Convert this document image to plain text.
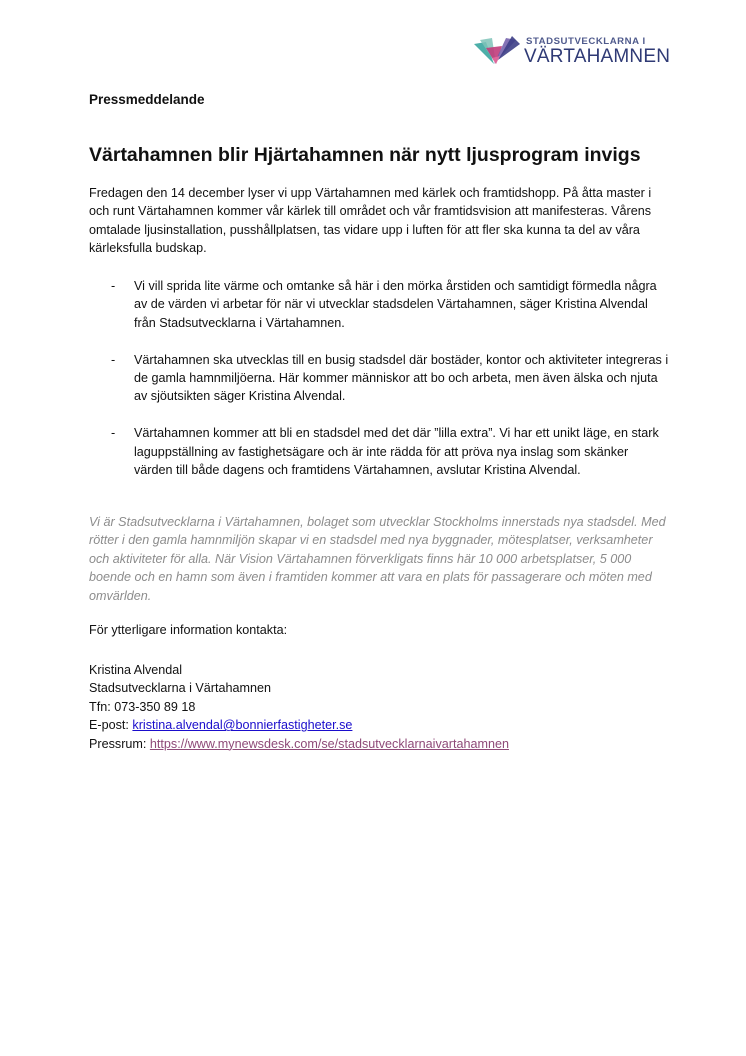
STADSUTVECKLARNA I
VÄRTAHAMNEN

Pressmeddelande

Värtahamnen blir Hjärtahamnen när nytt ljusprogram invigs

Fredagen den 14 december lyser vi upp Värtahamnen med kärlek och framtidshopp. På åtta master i och runt Värtahamnen kommer vår kärlek till området och vår framtidsvision att manifesteras. Vårens omtalade ljusinstallation, pusshållplatsen, tas vidare upp i luften för att fler ska kunna ta del av våra kärleksfulla budskap.

- Vi vill sprida lite värme och omtanke så här i den mörka årstiden och samtidigt förmedla några av de värden vi arbetar för när vi utvecklar stadsdelen Värtahamnen, säger Kristina Alvendal från Stadsutvecklarna i Värtahamnen.
- Värtahamnen ska utvecklas till en busig stadsdel där bostäder, kontor och aktiviteter integreras i de gamla hamnmiljöerna. Här kommer människor att bo och arbeta, men även älska och njuta av sjöutsikten säger Kristina Alvendal.
- Värtahamnen kommer att bli en stadsdel med det där ”lilla extra”. Vi har ett unikt läge, en stark laguppställning av fastighetsägare och är inte rädda för att pröva nya inslag som skänker värden till både dagens och framtidens Värtahamnen, avslutar Kristina Alvendal.

Vi är Stadsutvecklarna i Värtahamnen, bolaget som utvecklar Stockholms innerstads nya stadsdel. Med rötter i den gamla hamnmiljön skapar vi en stadsdel med nya byggnader, mötesplatser, verksamheter och aktiviteter för alla. När Vision Värtahamnen förverkligats finns här 10 000 arbetsplatser, 5 000 boende och en hamn som även i framtiden kommer att vara en plats för passagerare och möten med omvärlden.

För ytterligare information kontakta:

Kristina Alvendal
Stadsutvecklarna i Värtahamnen
Tfn: 073-350 89 18
E-post: kristina.alvendal@bonnierfastigheter.se
Pressrum: https://www.mynewsdesk.com/se/stadsutvecklarnaivartahamnen
